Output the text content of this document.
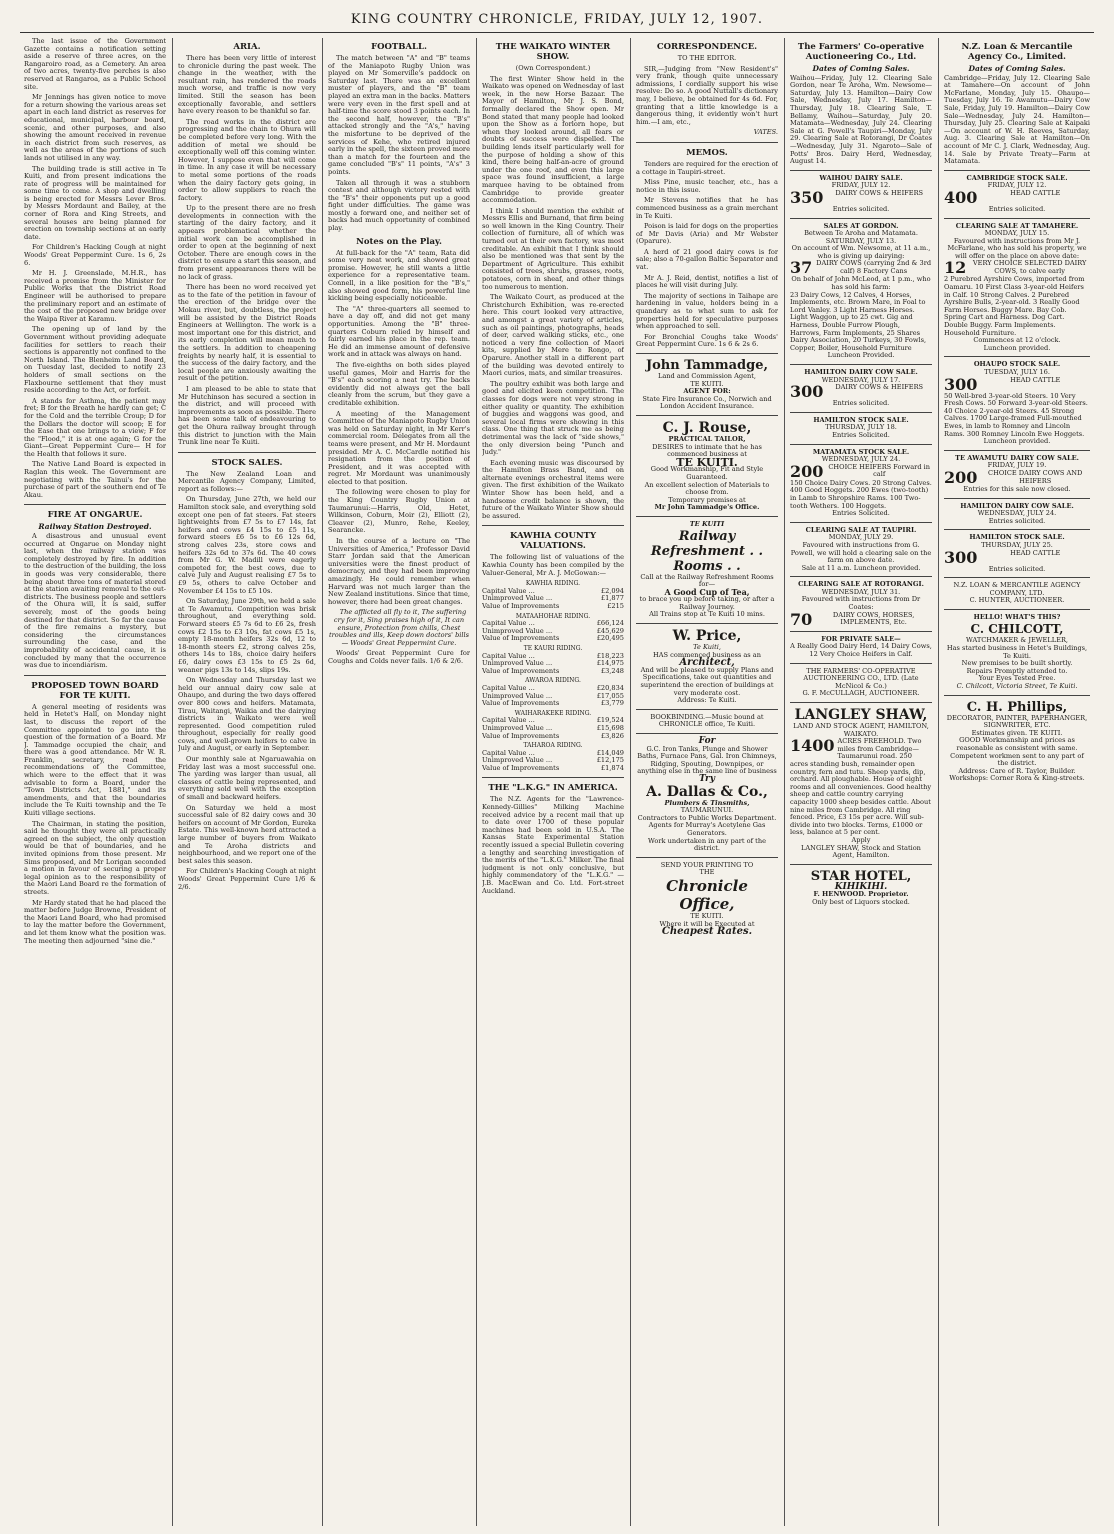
KING COUNTRY CHRONICLE, FRIDAY, JULY 12, 1907.

The last issue of the Government Gazette contains a notification setting aside a reserve of three acres, on the Rangaroiro road, as a Cemetery. An area of two acres, twenty-five perches is also reserved at Rangaroa, as a Public School site.

Mr Jennings has given notice to move for a return showing the various areas set apart in each land district as reserves for educational, municipal, harbour board, scenic, and other purposes, and also showing the amount received in revenue in each district from such reserves, as well as the areas of the portions of such lands not utilised in any way.

The building trade is still active in Te Kuiti, and from present indications the rate of progress will be maintained for some time to come. A shop and dwelling is being erected for Messrs Lever Bros. by Messrs Mordaunt and Bailey, at the corner of Rora and King Streets, and several houses are being planned for erection on township sections at an early date.

For Children's Hacking Cough at night Woods' Great Peppermint Cure. 1s 6, 2s 6.

Mr H. J. Greenslade, M.H.R., has received a promise from the Minister for Public Works that the District Road Engineer will be authorised to prepare the preliminary report and an estimate of the cost of the proposed new bridge over the Waipa River at Karamu.

The opening up of land by the Government without providing adequate facilities for settlers to reach their sections is apparently not confined to the North Island. The Blenheim Land Board, on Tuesday last, decided to notify 23 holders of small sections on the Flaxbourne settlement that they must reside according to the Act, or forfeit.

A stands for Asthma, the patient may fret; B for the Breath he hardly can get; C for the Cold and the terrible Croup; D for the Dollars the doctor will scoop; E for the Ease that one brings to a view; F for the "Flood," it is at one again; G for the Giant—Great Peppermint Cure— H for the Health that follows it sure.

The Native Land Board is expected in Raglan this week. The Government are negotiating with the Tainui's for the purchase of part of the southern end of Te Akau.

FIRE AT ONGARUE.
Railway Station Destroyed.

A disastrous and unusual event occurred at Ongarue on Monday night last, when the railway station was completely destroyed by fire. In addition to the destruction of the building, the loss in goods was very considerable, there being about three tons of material stored at the station awaiting removal to the out-districts. The business people and settlers of the Ohura will, it is said, suffer severely, most of the goods being destined for that district. So far the cause of the fire remains a mystery, but considering the circumstances surrounding the case, and the improbability of accidental cause, it is concluded by many that the occurrence was due to incendiarism.

PROPOSED TOWN BOARD FOR TE KUITI.

A general meeting of residents was held in Hetet's Hall, on Monday night last, to discuss the report of the Committee appointed to go into the question of the formation of a Board. Mr J. Tammadge occupied the chair, and there was a good attendance. Mr W. R. Franklin, secretary, read the recommendations of the Committee, which were to the effect that it was advisable to form a Board, under the "Town Districts Act, 1881," and its amendments, and that the boundaries include the Te Kuiti township and the Te Kuiti village sections.

The Chairman, in stating the position, said he thought they were all practically agreed on the subject, the only question would be that of boundaries, and he invited opinions from those present. Mr Sims proposed, and Mr Lorigan seconded a motion in favour of securing a proper legal opinion as to the responsibility of the Maori Land Board re the formation of streets.

Mr Hardy stated that he had placed the matter before Judge Browne, President of the Maori Land Board, who had promised to lay the matter before the Government, and let them know what the position was. The meeting then adjourned "sine die."

ARIA.

There has been very little of interest to chronicle during the past week. The change in the weather, with the resultant rain, has rendered the roads much worse, and traffic is now very limited. Still the season has been exceptionally favorable, and settlers have every reason to be thankful so far.

The road works in the district are progressing and the chain to Ohura will be completed before very long. With the addition of metal we should be exceptionally well off this coming winter. However, I suppose even that will come in time. In any case it will be necessary to metal some portions of the roads when the dairy factory gets going, in order to allow suppliers to reach the factory.

Up to the present there are no fresh developments in connection with the starting of the dairy factory, and it appears problematical whether the initial work can be accomplished in order to open at the beginning of next October. There are enough cows in the district to ensure a start this season, and from present appearances there will be no lack of grass.

There has been no word received yet as to the fate of the petition in favour of the erection of the bridge over the Mokau river, but, doubtless, the project will be assisted by the District Roads Engineers at Wellington. The work is a most important one for this district, and its early completion will mean much to the settlers. In addition to cheapening freights by nearly half, it is essential to the success of the dairy factory, and the local people are anxiously awaiting the result of the petition.

I am pleased to be able to state that Mr Hutchinson has secured a section in the district, and will proceed with improvements as soon as possible. There has been some talk of endeavouring to get the Ohura railway brought through this district to junction with the Main Trunk line near Te Kuiti.

STOCK SALES.

The New Zealand Loan and Mercantile Agency Company, Limited, report as follows:—

On Thursday, June 27th, we held our Hamilton stock sale, and everything sold except one pen of fat steers. Fat steers lightweights from £7 5s to £7 14s, fat heifers and cows £4 15s to £5 11s, forward steers £6 5s to £6 12s 6d, strong calves 23s, store cows and heifers 32s 6d to 37s 6d. The 40 cows from Mr G. W. Madill were eagerly competed for, the best cows, due to calve July and August realising £7 5s to £9 5s, others to calve October and November £4 15s to £5 10s.

On Saturday, June 29th, we held a sale at Te Awamutu. Competition was brisk throughout, and everything sold. Forward steers £5 7s 6d to £6 2s, fresh cows £2 15s to £3 10s, fat cows £5 1s, empty 18-month heifers 32s 6d, 12 to 18-month steers £2, strong calves 25s, others 14s to 18s, choice dairy heifers £6, dairy cows £3 15s to £5 2s 6d, weaner pigs 13s to 14s, slips 19s.

On Wednesday and Thursday last we held our annual dairy cow sale at Ohaupo, and during the two days offered over 800 cows and heifers. Matamata, Tirau, Waitangi, Waikia and the dairying districts in Waikato were well represented. Good competition ruled throughout, especially for really good cows, and well-grown heifers to calve in July and August, or early in September.

Our monthly sale at Ngaruawahia on Friday last was a most successful one. The yarding was larger than usual, all classes of cattle being represented, and everything sold well with the exception of small and backward heifers.

On Saturday we held a most successful sale of 82 dairy cows and 30 heifers on account of Mr Gordon, Eureka Estate. This well-known herd attracted a large number of buyers from Waikato and Te Aroha districts and neighbourhood, and we report one of the best sales this season.

For Children's Hacking Cough at night Woods' Great Peppermint Cure 1/6 & 2/6.

FOOTBALL.

The match between "A" and "B" teams of the Maniapoto Rugby Union was played on Mr Somerville's paddock on Saturday last. There was an excellent muster of players, and the "B" team played an extra man in the backs. Matters were very even in the first spell and at half-time the score stood 3 points each. In the second half, however, the "B's" attacked strongly and the "A's," having the misfortune to be deprived of the services of Kehe, who retired injured early in the spell, the sixteen proved more than a match for the fourteen and the game concluded "B's" 11 points, "A's" 3 points.

Taken all through it was a stubborn contest and although victory rested with the "B's" their opponents put up a good fight under difficulties. The game was mostly a forward one, and neither set of backs had much opportunity of combined play.

Notes on the Play.

At full-back for the "A" team, Rata did some very neat work, and showed great promise. However, he still wants a little experience for a representative team. Connell, in a like position for the "B's," also showed good form, his powerful line kicking being especially noticeable.

The "A" three-quarters all seemed to have a day off, and did not get many opportunities. Among the "B" three-quarters Coburn relied by himself and fairly earned his place in the rep. team. He did an immense amount of defensive work and in attack was always on hand.

The five-eighths on both sides played useful games, Moir and Harris for the "B's" each scoring a neat try. The backs evidently did not always get the ball cleanly from the scrum, but they gave a creditable exhibition.

A meeting of the Management Committee of the Maniapoto Rugby Union was held on Saturday night, in Mr Kerr's commercial room. Delegates from all the teams were present, and Mr H. Mordaunt presided. Mr A. C. McCardle notified his resignation from the position of President, and it was accepted with regret. Mr Mordaunt was unanimously elected to that position.

The following were chosen to play for the King Country Rugby Union at Taumarunui:—Harris, Old, Hetet, Wilkinson, Coburn, Moir (2), Elliott (2), Cleaver (2), Munro, Rehe, Keeley, Searancke.

In the course of a lecture on "The Universities of America," Professor David Starr Jordan said that the American universities were the finest product of democracy, and they had been improving amazingly. He could remember when Harvard was not much larger than the New Zealand institutions. Since that time, however, there had been great changes.

The afflicted all fly to it, The suffering cry for it, Sing praises high of it, It can ensure, Protection from chills, Chest troubles and ills, Keep down doctors' bills— Woods' Great Peppermint Cure.

Woods' Great Peppermint Cure for Coughs and Colds never fails. 1/6 & 2/6.

THE WAIKATO WINTER SHOW.
(Own Correspondent.)

The first Winter Show held in the Waikato was opened on Wednesday of last week, in the new Horse Bazaar. The Mayor of Hamilton, Mr J. S. Bond, formally declared the Show open. Mr Bond stated that many people had looked upon the Show as a forlorn hope, but when they looked around, all fears or doubts of success were dispelled. The building lends itself particularly well for the purpose of holding a show of this kind, there being half-an-acre of ground under the one roof, and even this large space was found insufficient, a large marquee having to be obtained from Cambridge to provide greater accommodation.

I think I should mention the exhibit of Messrs Ellis and Burnand, that firm being so well known in the King Country. Their collection of furniture, all of which was turned out at their own factory, was most creditable. An exhibit that I think should also be mentioned was that sent by the Department of Agriculture. This exhibit consisted of trees, shrubs, grasses, roots, potatoes, corn in sheaf, and other things too numerous to mention.

The Waikato Court, as produced at the Christchurch Exhibition, was re-erected here. This court looked very attractive, and amongst a great variety of articles, such as oil paintings, photographs, heads of deer, carved walking sticks, etc., one noticed a very fine collection of Maori kits, supplied by Mere te Rongo, of Oparure. Another stall in a different part of the building was devoted entirely to Maori curios, mats, and similar treasures.

The poultry exhibit was both large and good and elicited keen competition. The classes for dogs were not very strong in either quality or quantity. The exhibition of buggies and waggons was good, and several local firms were showing in this class. One thing that struck me as being detrimental was the lack of "side shows," the only diversion being "Punch and Judy."

Each evening music was discoursed by the Hamilton Brass Band, and on alternate evenings orchestral items were given. The first exhibition of the Waikato Winter Show has been held, and a handsome credit balance is shown, the future of the Waikato Winter Show should be assured.

KAWHIA COUNTY VALUATIONS.

The following list of valuations of the Kawhia County has been compiled by the Valuer-General, Mr A. J. McGowan:—

KAWHIA RIDING.
Capital Value ...	£2,094
Unimproved Value ...	£1,877
Value of Improvements	£215
MATAAHOHAE RIDING.
Capital Value ...	£66,124
Unimproved Value ...	£45,629
Value of Improvements	£20,495
TE KAURI RIDING.
Capital Value ...	£18,223
Unimproved Value ...	£14,975
Value of Improvements	£3,248
AWAROA RIDING.
Capital Value ...	£20,834
Unimproved Value ...	£17,055
Value of Improvements	£3,779
WAIHARAKEKE RIDING.
Capital Value ...	£19,524
Unimproved Value ...	£15,698
Value of Improvements	£3,826
TAHAROA RIDING.
Capital Value ...	£14,049
Unimproved Value ...	£12,175
Value of Improvements	£1,874
THE "L.K.G." IN AMERICA.

The N.Z. Agents for the "Lawrence-Kennedy-Gillies" Milking Machine received advice by a recent mail that up to date over 1700 of these popular machines had been sold in U.S.A. The Kansas State Experimental Station recently issued a special Bulletin covering a lengthy and searching investigation of the merits of the "L.K.G." Milker. The final judgment is not only conclusive, but highly commendatory of the "L.K.G." — J.B. MacEwan and Co. Ltd. Fort-street Auckland.

CORRESPONDENCE.
TO THE EDITOR.

SIR,—Judging from "New Resident's" very frank, though quite unnecessary admissions, I cordially support his wise resolve: Do so. A good Nuttall's dictionary may, I believe, be obtained for 4s 6d. For, granting that a little knowledge is a dangerous thing, it evidently won't hurt him.—I am, etc.,

VATES.
MEMOS.

Tenders are required for the erection of a cottage in Taupiri-street.

Miss Pine, music teacher, etc., has a notice in this issue.

Mr Stevens notifies that he has commenced business as a grain merchant in Te Kuiti.

Poison is laid for dogs on the properties of Mr Davis (Aria) and Mr Webster (Oparure).

A herd of 21 good dairy cows is for sale; also a 70-gallon Baltic Separator and vat.

Mr A. J. Reid, dentist, notifies a list of places he will visit during July.

The majority of sections in Taihape are hardening in value, holders being in a quandary as to what sum to ask for properties held for speculative purposes when approached to sell.

For Bronchial Coughs take Woods' Great Peppermint Cure. 1s 6 & 2s 6.

John Tammadge,
Land and Commission Agent,
TE KUITI.
AGENT FOR:
State Fire Insurance Co., Norwich and London Accident Insurance.
C. J. Rouse,
PRACTICAL TAILOR,
DESIRES to intimate that he has commenced business at
TE KUITI.
Good Workmanship, Fit and Style Guaranteed.
An excellent selection of Materials to choose from.
Temporary premises at
Mr John Tammadge's Office.
TE KUITI
Railway Refreshment . . Rooms . .
Call at the Railway Refreshment Rooms for—
A Good Cup of Tea,
to brace you up before taking, or after a Railway Journey.
All Trains stop at Te Kuiti 10 mins.
W. Price,
Te Kuiti,
HAS commenced business as an
Architect,
And will be pleased to supply Plans and Specifications, take out quantities and superintend the erection of buildings at very moderate cost.
Address: Te Kuiti.
BOOKBINDING.—Music bound at CHRONICLE office, Te Kuiti.
For
G.C. Iron Tanks, Plunge and Shower Baths, Furnace Pans, Gal. Iron Chimneys, Ridging, Spouting, Downpipes, or anything else in the same line of business
Try
A. Dallas & Co.,
Plumbers & Tinsmiths,
TAUMARUNUI.
Contractors to Public Works Department.
Agents for Murray's Acetylene Gas Generators.
Work undertaken in any part of the district.
SEND YOUR PRINTING TO
THE
Chronicle Office,
TE KUITI.
Where it will be Executed at
Cheapest Rates.
The Farmers' Co-operative Auctioneering Co., Ltd.
Dates of Coming Sales.

Waihou—Friday, July 12. Clearing Sale Gordon, near Te Aroha, Wm. Newsome—Saturday, July 13. Hamilton—Dairy Cow Sale, Wednesday, July 17. Hamilton—Thursday, July 18. Clearing Sale, T. Bellamy, Waihou—Saturday, July 20. Matamata—Wednesday, July 24. Clearing Sale at G. Powell's Taupiri—Monday, July 29. Clearing Sale at Rotorangi, Dr Coates—Wednesday, July 31. Ngaroto—Sale of Potts' Bros. Dairy Herd, Wednesday, August 14.

WAIHOU DAIRY SALE.
FRIDAY, JULY 12.
350 DAIRY COWS & HEIFERS
Entries solicited.
SALES AT GORDON.
Between Te Aroha and Matamata.
SATURDAY, JULY 13.
On account of Wm. Newsome, at 11 a.m., who is giving up dairying:
37 DAIRY COWS (carrying 2nd & 3rd calf) 8 Factory Cans
On behalf of John McLeod, at 1 p.m., who has sold his farm:
23 Dairy Cows, 12 Calves, 4 Horses, Implements, etc. Brown Mare, in Foal to Lord Vanley. 3 Light Harness Horses. Light Waggon, up to 25 cwt. Gig and Harness, Double Furrow Plough, Harrows, Farm Implements, 25 Shares Dairy Association, 20 Turkeys, 30 Fowls, Copper, Boiler, Household Furniture
Luncheon Provided.
HAMILTON DAIRY COW SALE.
WEDNESDAY, JULY 17.
300 DAIRY COWS & HEIFERS
Entries solicited.
HAMILTON STOCK SALE.
THURSDAY, JULY 18.
Entries Solicited.
MATAMATA STOCK SALE.
WEDNESDAY, JULY 24.
200 CHOICE HEIFERS Forward in calf
150 Choice Dairy Cows. 20 Strong Calves. 400 Good Hoggets. 200 Ewes (two-tooth) in Lamb to Shropshire Rams. 100 Two-tooth Wethers. 100 Hoggets.
Entries Solicited.
CLEARING SALE AT TAUPIRI.
MONDAY, JULY 29.
Favoured with instructions from G. Powell, we will hold a clearing sale on the farm on above date.
Sale at 11 a.m. Luncheon provided.
CLEARING SALE AT ROTORANGI.
WEDNESDAY, JULY 31.
Favoured with instructions from Dr Coates:
70	DAIRY COWS, HORSES, IMPLEMENTS, Etc.
FOR PRIVATE SALE—
A Really Good Dairy Herd, 14 Dairy Cows, 12 Very Choice Heifers in Calf.
THE FARMERS' CO-OPERATIVE AUCTIONEERING CO., LTD. (Late McNicol & Co.)
G. F. McCULLAGH, AUCTIONEER.
LANGLEY SHAW,
LAND AND STOCK AGENT, HAMILTON, WAIKATO.
1400 ACRES FREEHOLD. Two miles from Cambridge—Taumarunui road. 250 acres standing bush, remainder open country, fern and tutu. Sheep yards, dip, orchard. All ploughable. House of eight rooms and all conveniences. Good healthy sheep and cattle country carrying capacity 1000 sheep besides cattle. About nine miles from Cambridge. All ring fenced. Price, £3 15s per acre. Will sub-divide into two blocks. Terms, £1000 or less, balance at 5 per cent.
Apply
LANGLEY SHAW, Stock and Station Agent, Hamilton.
STAR HOTEL,
KIHIKIHI.
F. HENWOOD. Proprietor.
Only best of Liquors stocked.
N.Z. Loan & Mercantile Agency Co., Limited.
Dates of Coming Sales.

Cambridge—Friday, July 12. Clearing Sale at Tamahere—On account of John McFarlane, Monday, July 15. Ohaupo—Tuesday, July 16. Te Awamutu—Dairy Cow Sale, Friday, July 19. Hamilton—Dairy Cow Sale—Wednesday, July 24. Hamilton—Thursday, July 25. Clearing Sale at Kaipaki—On account of W. H. Reeves, Saturday, Aug. 3. Clearing Sale at Hamilton—On account of Mr C. J. Clark, Wednesday, Aug. 14. Sale by Private Treaty—Farm at Matamata.

CAMBRIDGE STOCK SALE.
FRIDAY, JULY 12.
400	HEAD CATTLE
Entries solicited.
CLEARING SALE AT TAMAHERE.
MONDAY, JULY 15.
Favoured with instructions from Mr J. McFarlane, who has sold his property, we will offer on the place on above date:
12 VERY CHOICE SELECTED DAIRY COWS, to calve early
2 Purebred Ayrshire Cows, imported from Oamaru. 10 First Class 3-year-old Heifers in Calf. 10 Strong Calves. 2 Purebred Ayrshire Bulls, 2-year-old. 3 Really Good Farm Horses. Buggy Mare. Bay Cob. Spring Cart and Harness. Dog Cart. Double Buggy. Farm Implements. Household Furniture.
Commences at 12 o'clock.
Luncheon provided.
OHAUPO STOCK SALE.
TUESDAY, JULY 16.
300	HEAD CATTLE
50 Well-bred 3-year-old Steers. 10 Very Fresh Cows. 50 Forward 3-year-old Steers. 40 Choice 2-year-old Steers. 45 Strong Calves. 1700 Large-framed Full-mouthed Ewes, in lamb to Romney and Lincoln Rams. 300 Romney Lincoln Ewe Hoggets.
Luncheon provided.
TE AWAMUTU DAIRY COW SALE.
FRIDAY, JULY 19.
200 CHOICE DAIRY COWS AND HEIFERS
Entries for this sale now closed.
HAMILTON DAIRY COW SALE.
WEDNESDAY, JULY 24.
Entries solicited.
HAMILTON STOCK SALE.
THURSDAY, JULY 25.
300	HEAD CATTLE
Entries solicited.
N.Z. LOAN & MERCANTILE AGENCY COMPANY, LTD.
C. HUNTER, AUCTIONEER.
HELLO! WHAT'S THIS?
C. CHILCOTT,
WATCHMAKER & JEWELLER,
Has started business in Hetet's Buildings, Te Kuiti.
New premises to be built shortly.
Repairs Promptly attended to.
Your Eyes Tested Free.
C. Chilcott, Victoria Street, Te Kuiti.
C. H. Phillips,
DECORATOR, PAINTER, PAPERHANGER, SIGNWRITER, ETC.
Estimates given. TE KUITI.
GOOD Workmanship and prices as reasonable as consistent with same.
Competent workmen sent to any part of the district.
Address: Care of R. Taylor, Builder.
Workshops: Corner Rora & King-streets.
